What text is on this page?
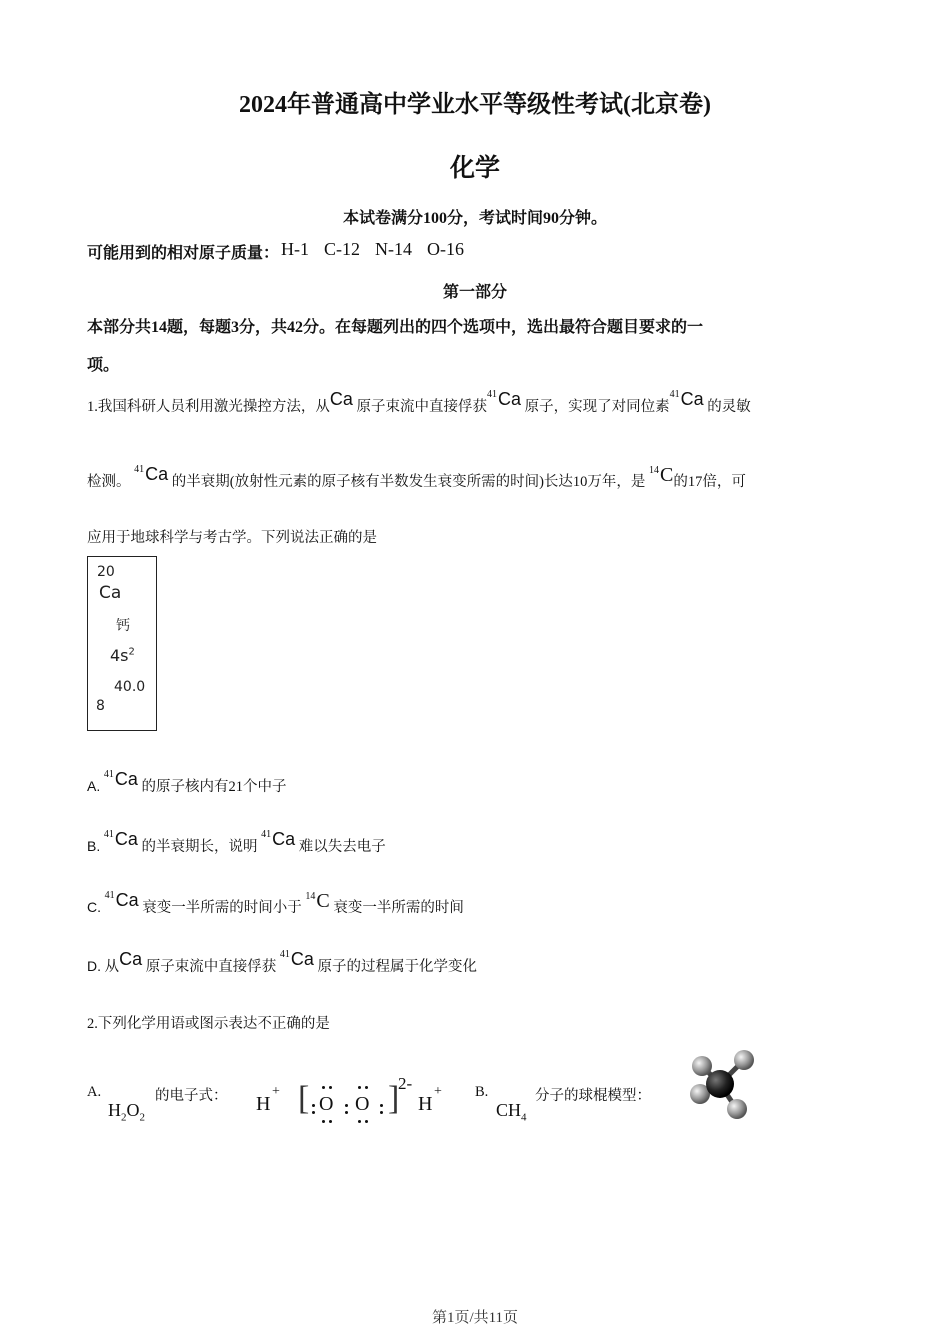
2024年普通高中学业水平等级性考试(北京卷)
化学
本试卷满分100分，考试时间90分钟。
可能用到的相对原子质量： H-1  C-12  N-14  O-16
第一部分
本部分共14题，每题3分，共42分。在每题列出的四个选项中，选出最符合题目要求的一
项。
1.我国科研人员利用激光操控方法，从Ca 原子束流中直接俘获$^{41}$Ca 原子，实现了对同位素$^{41}$Ca 的灵敏
检测。 $^{41}$Ca 的半衰期(放射性元素的原子核有半数发生衰变所需的时间)长达10万年，是 $^{14}$C的17倍，可
应用于地球科学与考古学。下列说法正确的是
20
Ca
钙
$4s^2$
40.0
8
A. $^{41}$Ca 的原子核内有21个中子
B. $^{41}$Ca 的半衰期长，说明 $^{41}$Ca 难以失去电子
C. $^{41}$Ca 衰变一半所需的时间小于 $^{14}$C 衰变一半所需的时间
D. 从Ca 原子束流中直接俘获 $^{41}$Ca 原子的过程属于化学变化
2.下列化学用语或图示表达不正确的是
A.
$H_2O_2$
的电子式： H
+ [ O O ]
2-
H
+ B.
$CH_4$
分子的球棍模型：
第1页/共11页
